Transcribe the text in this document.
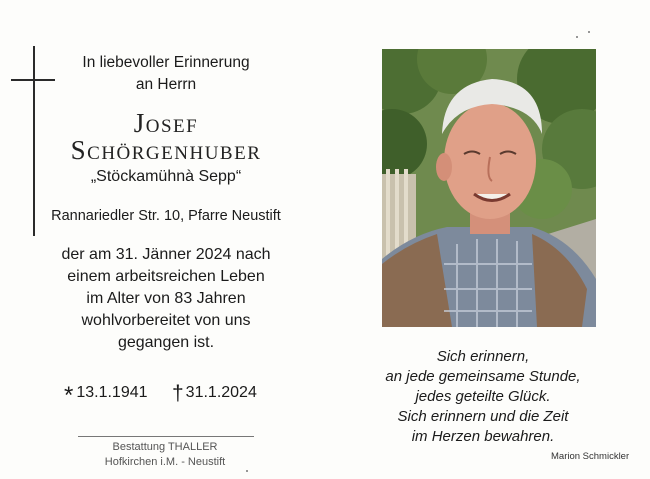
In liebevoller Erinnerung
an Herrn
Josef
Schörgenhuber
„Stöckamühnà Sepp“
Rannariedler Str. 10, Pfarre Neustift
der am 31. Jänner 2024 nach
einem arbeitsreichen Leben
im Alter von 83 Jahren
wohlvorbereitet von uns
gegangen ist.
* 13.1.1941 † 31.1.2024
Bestattung THALLER
Hofkirchen i.M. - Neustift
Sich erinnern,
an jede gemeinsame Stunde,
jedes geteilte Glück.
Sich erinnern und die Zeit
im Herzen bewahren.
Marion Schmickler
